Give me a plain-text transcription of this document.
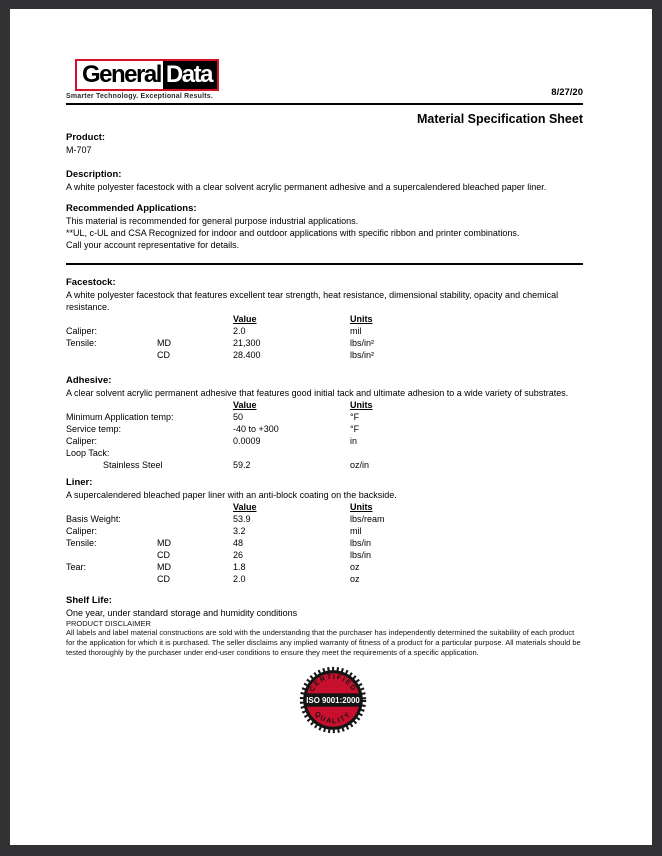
General Data
Smarter Technology. Exceptional Results.	8/27/20
Material Specification Sheet
Product:
M-707
Description:
A white polyester facestock with a clear solvent acrylic permanent adhesive and a supercalendered bleached paper liner.
Recommended Applications:
This material is recommended for general purpose industrial applications.
**UL, c-UL and CSA Recognized for indoor and outdoor applications with specific ribbon and printer combinations.
Call your account representative for details.
Facestock:
A white polyester facestock that features excellent tear strength, heat resistance, dimensional stability, opacity and chemical resistance.
Value	Units
Caliper:	2.0	mil
Tensile:	MD	21,300	lbs/in²
CD	28.400	lbs/in²
Adhesive:
A clear solvent acrylic permanent adhesive that features good initial tack and ultimate adhesion to a wide variety of substrates.
Value	Units
Minimum Application temp:	50	°F
Service temp:	-40 to +300	°F
Caliper:	0.0009	in
Loop Tack:
Stainless Steel	59.2	oz/in
Liner:
A supercalendered bleached paper liner with an anti-block coating on the backside.
Value	Units
Basis Weight:	53.9	lbs/ream
Caliper:	3.2	mil
Tensile:	MD	48	lbs/in
CD	26	lbs/in
Tear:	MD	1.8	oz
CD	2.0	oz
Shelf Life:
One year, under standard storage and humidity conditions
PRODUCT DISCLAIMER
All labels and label material constructions are sold with the understanding that the purchaser has independently determined the suitability of each product for the application for which it is purchased. The seller disclaims any implied warranty of fitness of a product for a particular purpose. All materials should be tested thoroughly by the purchaser under end-user conditions to ensure they meet the requirements of a specific application.
CERTIFIED
ISO 9001:2000
QUALITY
